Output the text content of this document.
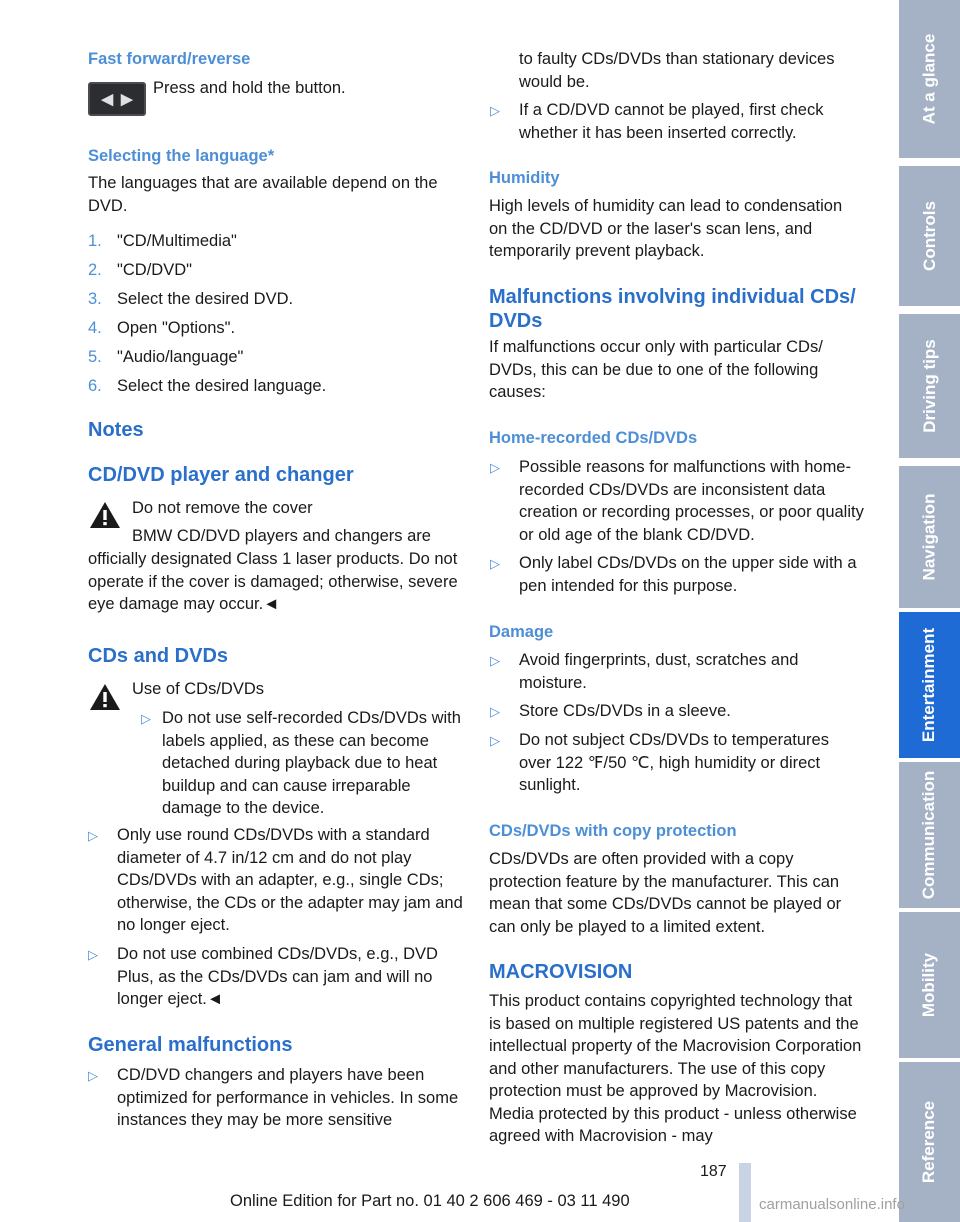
Fast forward/reverse
◀ ▶
Press and hold the button.
Selecting the language*
The languages that are available depend on the DVD.
1. "CD/Multimedia"
2. "CD/DVD"
3. Select the desired DVD.
4. Open "Options".
5. "Audio/language"
6. Select the desired language.
Notes
CD/DVD player and changer
Do not remove the cover
BMW CD/DVD players and changers are
officially designated Class 1 laser products. Do not operate if the cover is damaged; otherwise, severe eye damage may occur.◄
CDs and DVDs
Use of CDs/DVDs
▷ Do not use self-recorded CDs/DVDs with labels applied, as these can become detached during playback due to heat buildup and can cause irreparable damage to the device.
▷ Only use round CDs/DVDs with a standard diameter of 4.7 in/12 cm and do not play CDs/DVDs with an adapter, e.g., single CDs; otherwise, the CDs or the adapter may jam and no longer eject.
▷ Do not use combined CDs/DVDs, e.g., DVD Plus, as the CDs/DVDs can jam and will no longer eject.◄
General malfunctions
▷ CD/DVD changers and players have been optimized for performance in vehicles. In some instances they may be more sensitive
to faulty CDs/DVDs than stationary devices would be.
▷ If a CD/DVD cannot be played, first check whether it has been inserted correctly.
Humidity
High levels of humidity can lead to condensation on the CD/DVD or the laser's scan lens, and temporarily prevent playback.
Malfunctions involving individual CDs/ DVDs
If malfunctions occur only with particular CDs/ DVDs, this can be due to one of the following causes:
Home-recorded CDs/DVDs
▷ Possible reasons for malfunctions with home-recorded CDs/DVDs are inconsistent data creation or recording processes, or poor quality or old age of the blank CD/DVD.
▷ Only label CDs/DVDs on the upper side with a pen intended for this purpose.
Damage
▷ Avoid fingerprints, dust, scratches and moisture.
▷ Store CDs/DVDs in a sleeve.
▷ Do not subject CDs/DVDs to temperatures over 122 ℉/50 ℃, high humidity or direct sunlight.
CDs/DVDs with copy protection
CDs/DVDs are often provided with a copy protection feature by the manufacturer. This can mean that some CDs/DVDs cannot be played or can only be played to a limited extent.
MACROVISION
This product contains copyrighted technology that is based on multiple registered US patents and the intellectual property of the Macrovision Corporation and other manufacturers. The use of this copy protection must be approved by Macrovision. Media protected by this product - unless otherwise agreed with Macrovision - may
At a glance
Controls
Driving tips
Navigation
Entertainment
Communication
Mobility
Reference
187
Online Edition for Part no. 01 40 2 606 469 - 03 11 490	carmanualsonline.info
